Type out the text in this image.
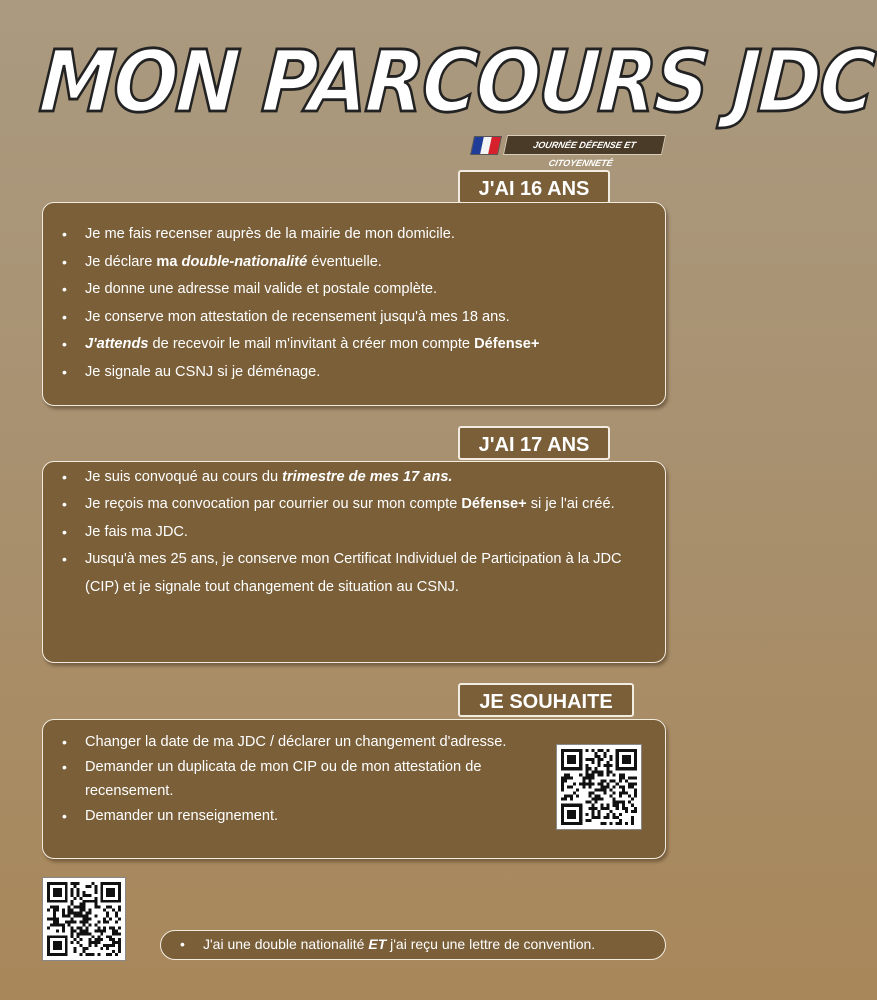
MON PARCOURS JDC
JOURNÉE DÉFENSE ET CITOYENNETÉ
J'AI 16 ANS
• Je me fais recenser auprès de la mairie de mon domicile.
• Je déclare ma double-nationalité éventuelle.
• Je donne une adresse mail valide et postale complète.
• Je conserve mon attestation de recensement jusqu'à mes 18 ans.
• J'attends de recevoir le mail m'invitant à créer mon compte Défense+
• Je signale au CSNJ si je déménage.
J'AI 17 ANS
• Je suis convoqué au cours du trimestre de mes 17 ans.
• Je reçois ma convocation par courrier ou sur mon compte Défense+ si je l'ai créé.
• Je fais ma JDC.
• Jusqu'à mes 25 ans, je conserve mon Certificat Individuel de Participation à la JDC (CIP) et je signale tout changement de situation au CSNJ.
JE SOUHAITE
• Changer la date de ma JDC / déclarer un changement d'adresse.
• Demander un duplicata de mon CIP ou de mon attestation de recensement.
• Demander un renseignement.
• J'ai une double nationalité ET j'ai reçu une lettre de convention.
